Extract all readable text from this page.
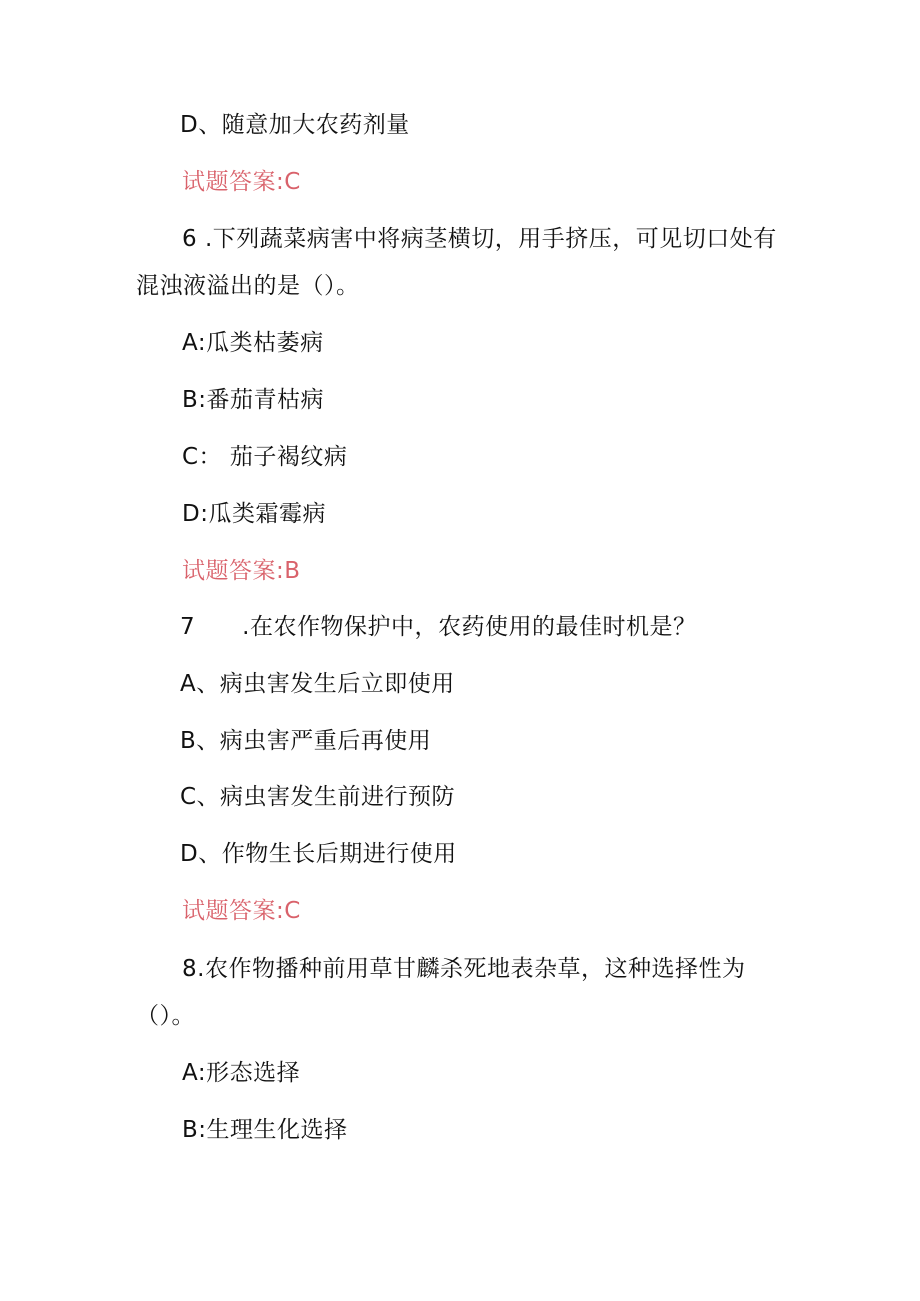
D、随意加大农药剂量
试题答案:C
6 .下列蔬菜病害中将病茎横切，用手挤压，可见切口处有
混浊液溢出的是（）。
A:瓜类枯萎病
B:番茄青枯病
C： 茄子褐纹病
D:瓜类霜霉病
试题答案:B
7　　.在农作物保护中，农药使用的最佳时机是？
A、病虫害发生后立即使用
B、病虫害严重后再使用
C、病虫害发生前进行预防
D、作物生长后期进行使用
试题答案:C
8.农作物播种前用草甘麟杀死地表杂草，这种选择性为
（）。
A:形态选择
B:生理生化选择
